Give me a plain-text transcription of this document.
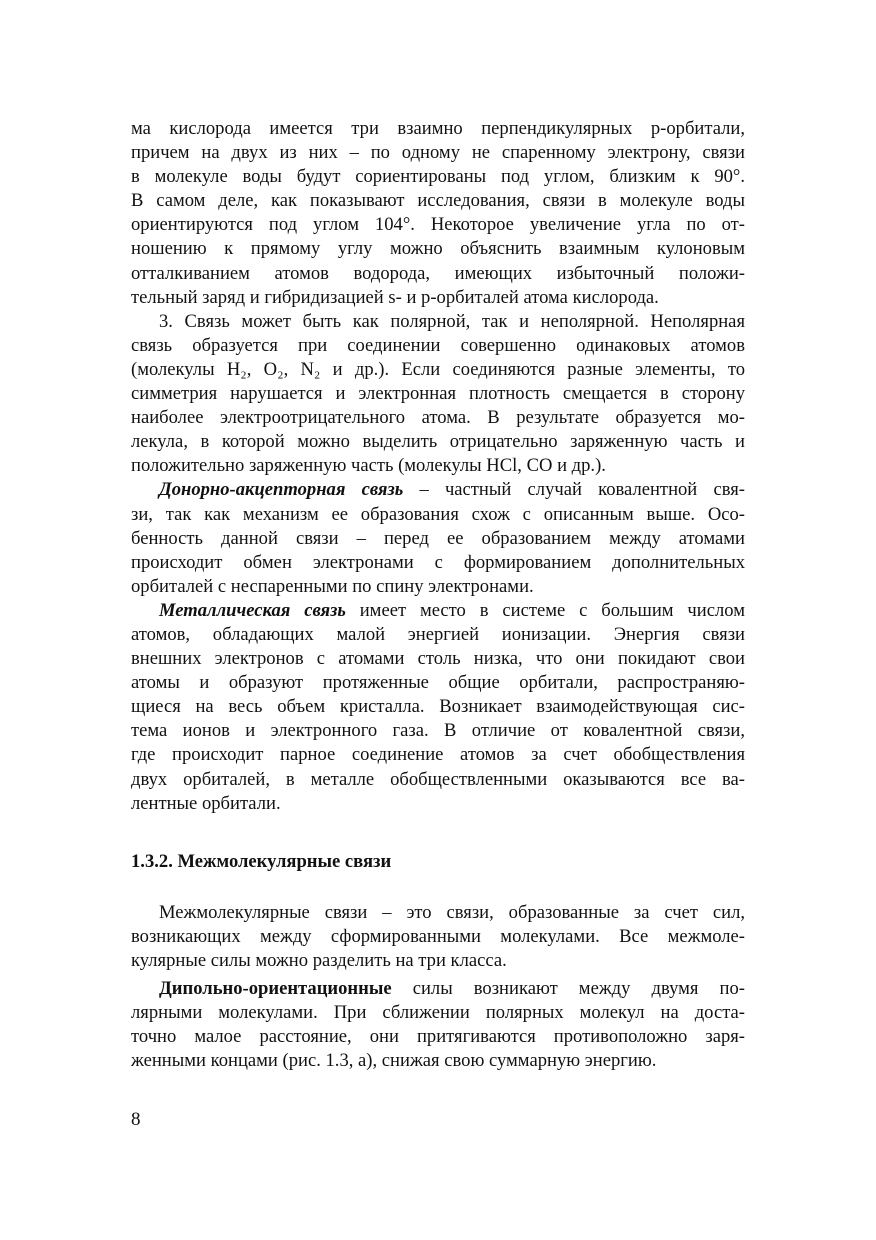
ма кислорода имеется три взаимно перпендикулярных p-орбитали,
причем на двух из них – по одному не спаренному электрону, связи
в молекуле воды будут сориентированы под углом, близким к 90°.
В самом деле, как показывают исследования, связи в молекуле воды
ориентируются под углом 104°. Некоторое увеличение угла по от-
ношению к прямому углу можно объяснить взаимным кулоновым
отталкиванием атомов водорода, имеющих избыточный положи-
тельный заряд и гибридизацией s- и p-орбиталей атома кислорода.
3. Связь может быть как полярной, так и неполярной. Неполярная
связь образуется при соединении совершенно одинаковых атомов
(молекулы H₂, O₂, N₂ и др.). Если соединяются разные элементы, то
симметрия нарушается и электронная плотность смещается в сторону
наиболее электроотрицательного атома. В результате образуется мо-
лекула, в которой можно выделить отрицательно заряженную часть и
положительно заряженную часть (молекулы HCl, CO и др.).
Донорно-акцепторная связь – частный случай ковалентной свя-
зи, так как механизм ее образования схож с описанным выше. Осо-
бенность данной связи – перед ее образованием между атомами
происходит обмен электронами с формированием дополнительных
орбиталей с неспаренными по спину электронами.
Металлическая связь имеет место в системе с большим числом
атомов, обладающих малой энергией ионизации. Энергия связи
внешних электронов с атомами столь низка, что они покидают свои
атомы и образуют протяженные общие орбитали, распространяю-
щиеся на весь объем кристалла. Возникает взаимодействующая сис-
тема ионов и электронного газа. В отличие от ковалентной связи,
где происходит парное соединение атомов за счет обобществления
двух орбиталей, в металле обобществленными оказываются все ва-
лентные орбитали.
1.3.2. Межмолекулярные связи
Межмолекулярные связи – это связи, образованные за счет сил,
возникающих между сформированными молекулами. Все межмоле-
кулярные силы можно разделить на три класса.
Дипольно-ориентационные силы возникают между двумя по-
лярными молекулами. При сближении полярных молекул на доста-
точно малое расстояние, они притягиваются противоположно заря-
женными концами (рис. 1.3, а), снижая свою суммарную энергию.
8
